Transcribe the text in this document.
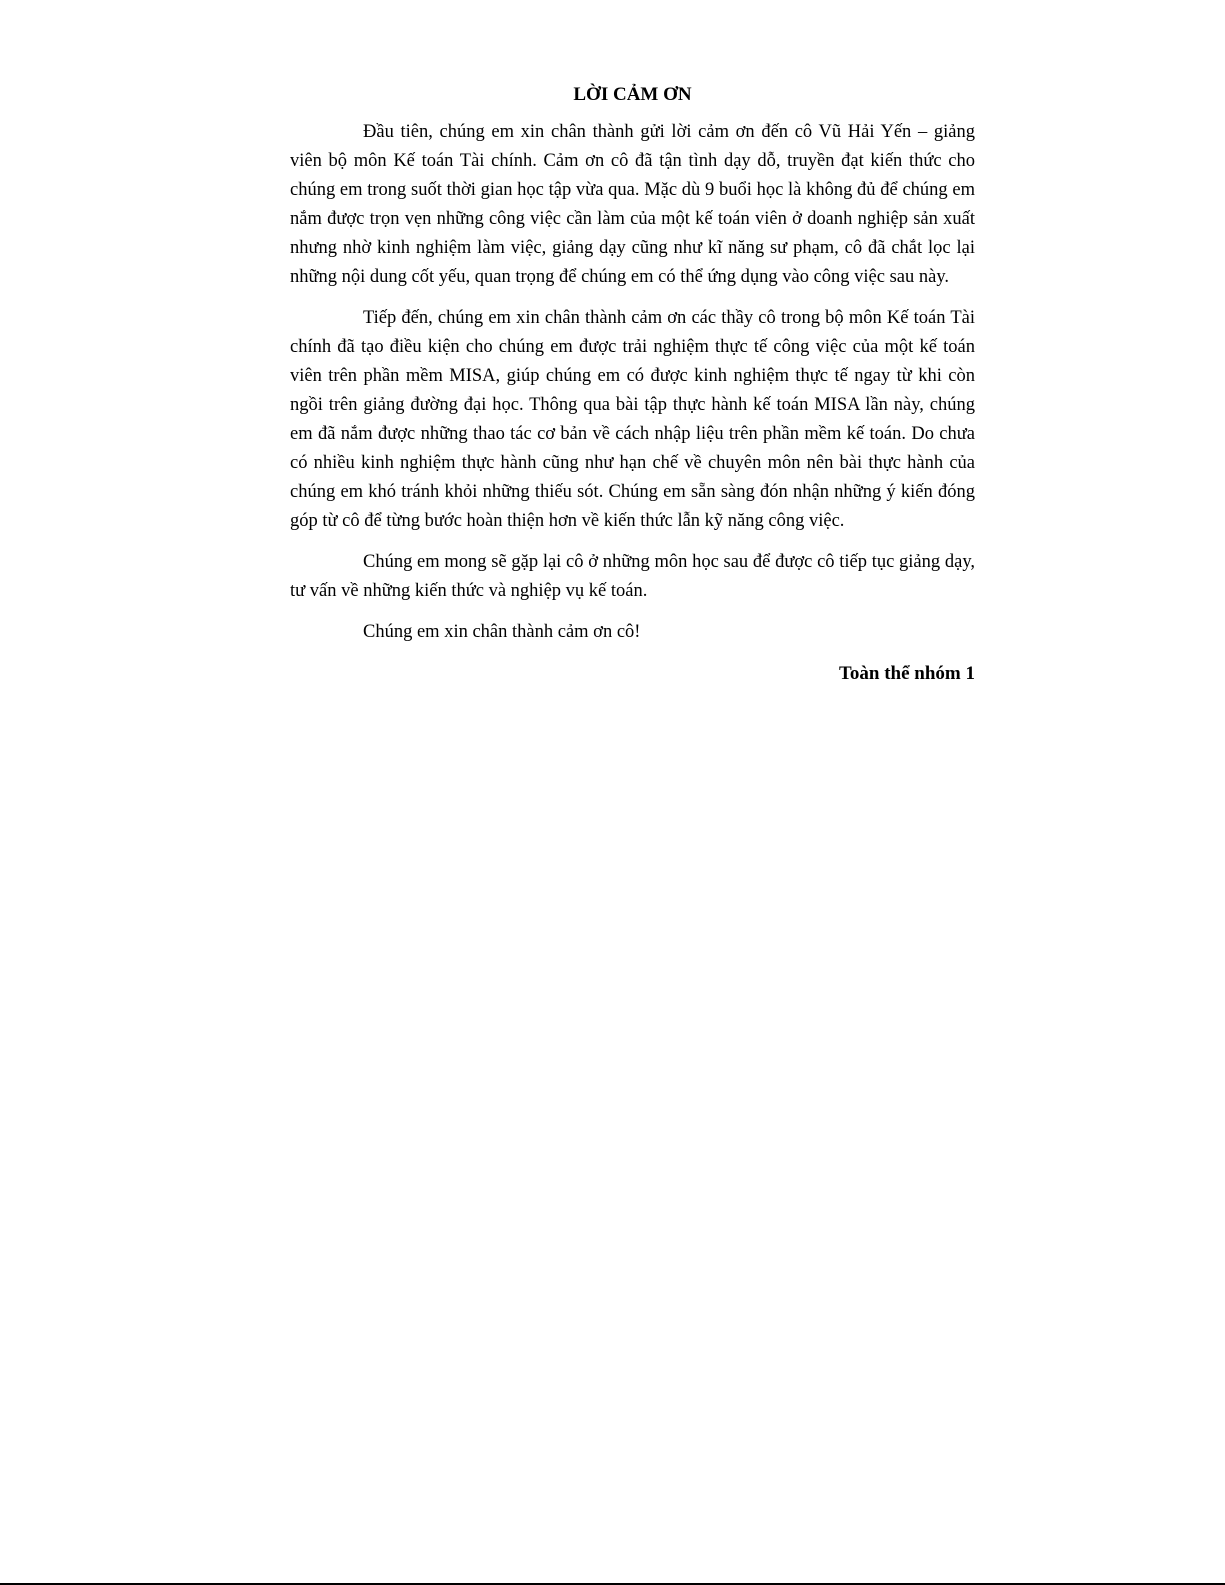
LỜI CẢM ƠN

Đầu tiên, chúng em xin chân thành gửi lời cảm ơn đến cô Vũ Hải Yến – giảng viên bộ môn Kế toán Tài chính. Cảm ơn cô đã tận tình dạy dỗ, truyền đạt kiến thức cho chúng em trong suốt thời gian học tập vừa qua. Mặc dù 9 buổi học là không đủ để chúng em nắm được trọn vẹn những công việc cần làm của một kế toán viên ở doanh nghiệp sản xuất nhưng nhờ kinh nghiệm làm việc, giảng dạy cũng như kĩ năng sư phạm, cô đã chắt lọc lại những nội dung cốt yếu, quan trọng để chúng em có thể ứng dụng vào công việc sau này.

Tiếp đến, chúng em xin chân thành cảm ơn các thầy cô trong bộ môn Kế toán Tài chính đã tạo điều kiện cho chúng em được trải nghiệm thực tế công việc của một kế toán viên trên phần mềm MISA, giúp chúng em có được kinh nghiệm thực tế ngay từ khi còn ngồi trên giảng đường đại học. Thông qua bài tập thực hành kế toán MISA lần này, chúng em đã nắm được những thao tác cơ bản về cách nhập liệu trên phần mềm kế toán. Do chưa có nhiều kinh nghiệm thực hành cũng như hạn chế về chuyên môn nên bài thực hành của chúng em khó tránh khỏi những thiếu sót. Chúng em sẵn sàng đón nhận những ý kiến đóng góp từ cô để từng bước hoàn thiện hơn về kiến thức lẫn kỹ năng công việc.

Chúng em mong sẽ gặp lại cô ở những môn học sau để được cô tiếp tục giảng dạy, tư vấn về những kiến thức và nghiệp vụ kế toán.

Chúng em xin chân thành cảm ơn cô!

Toàn thể nhóm 1
